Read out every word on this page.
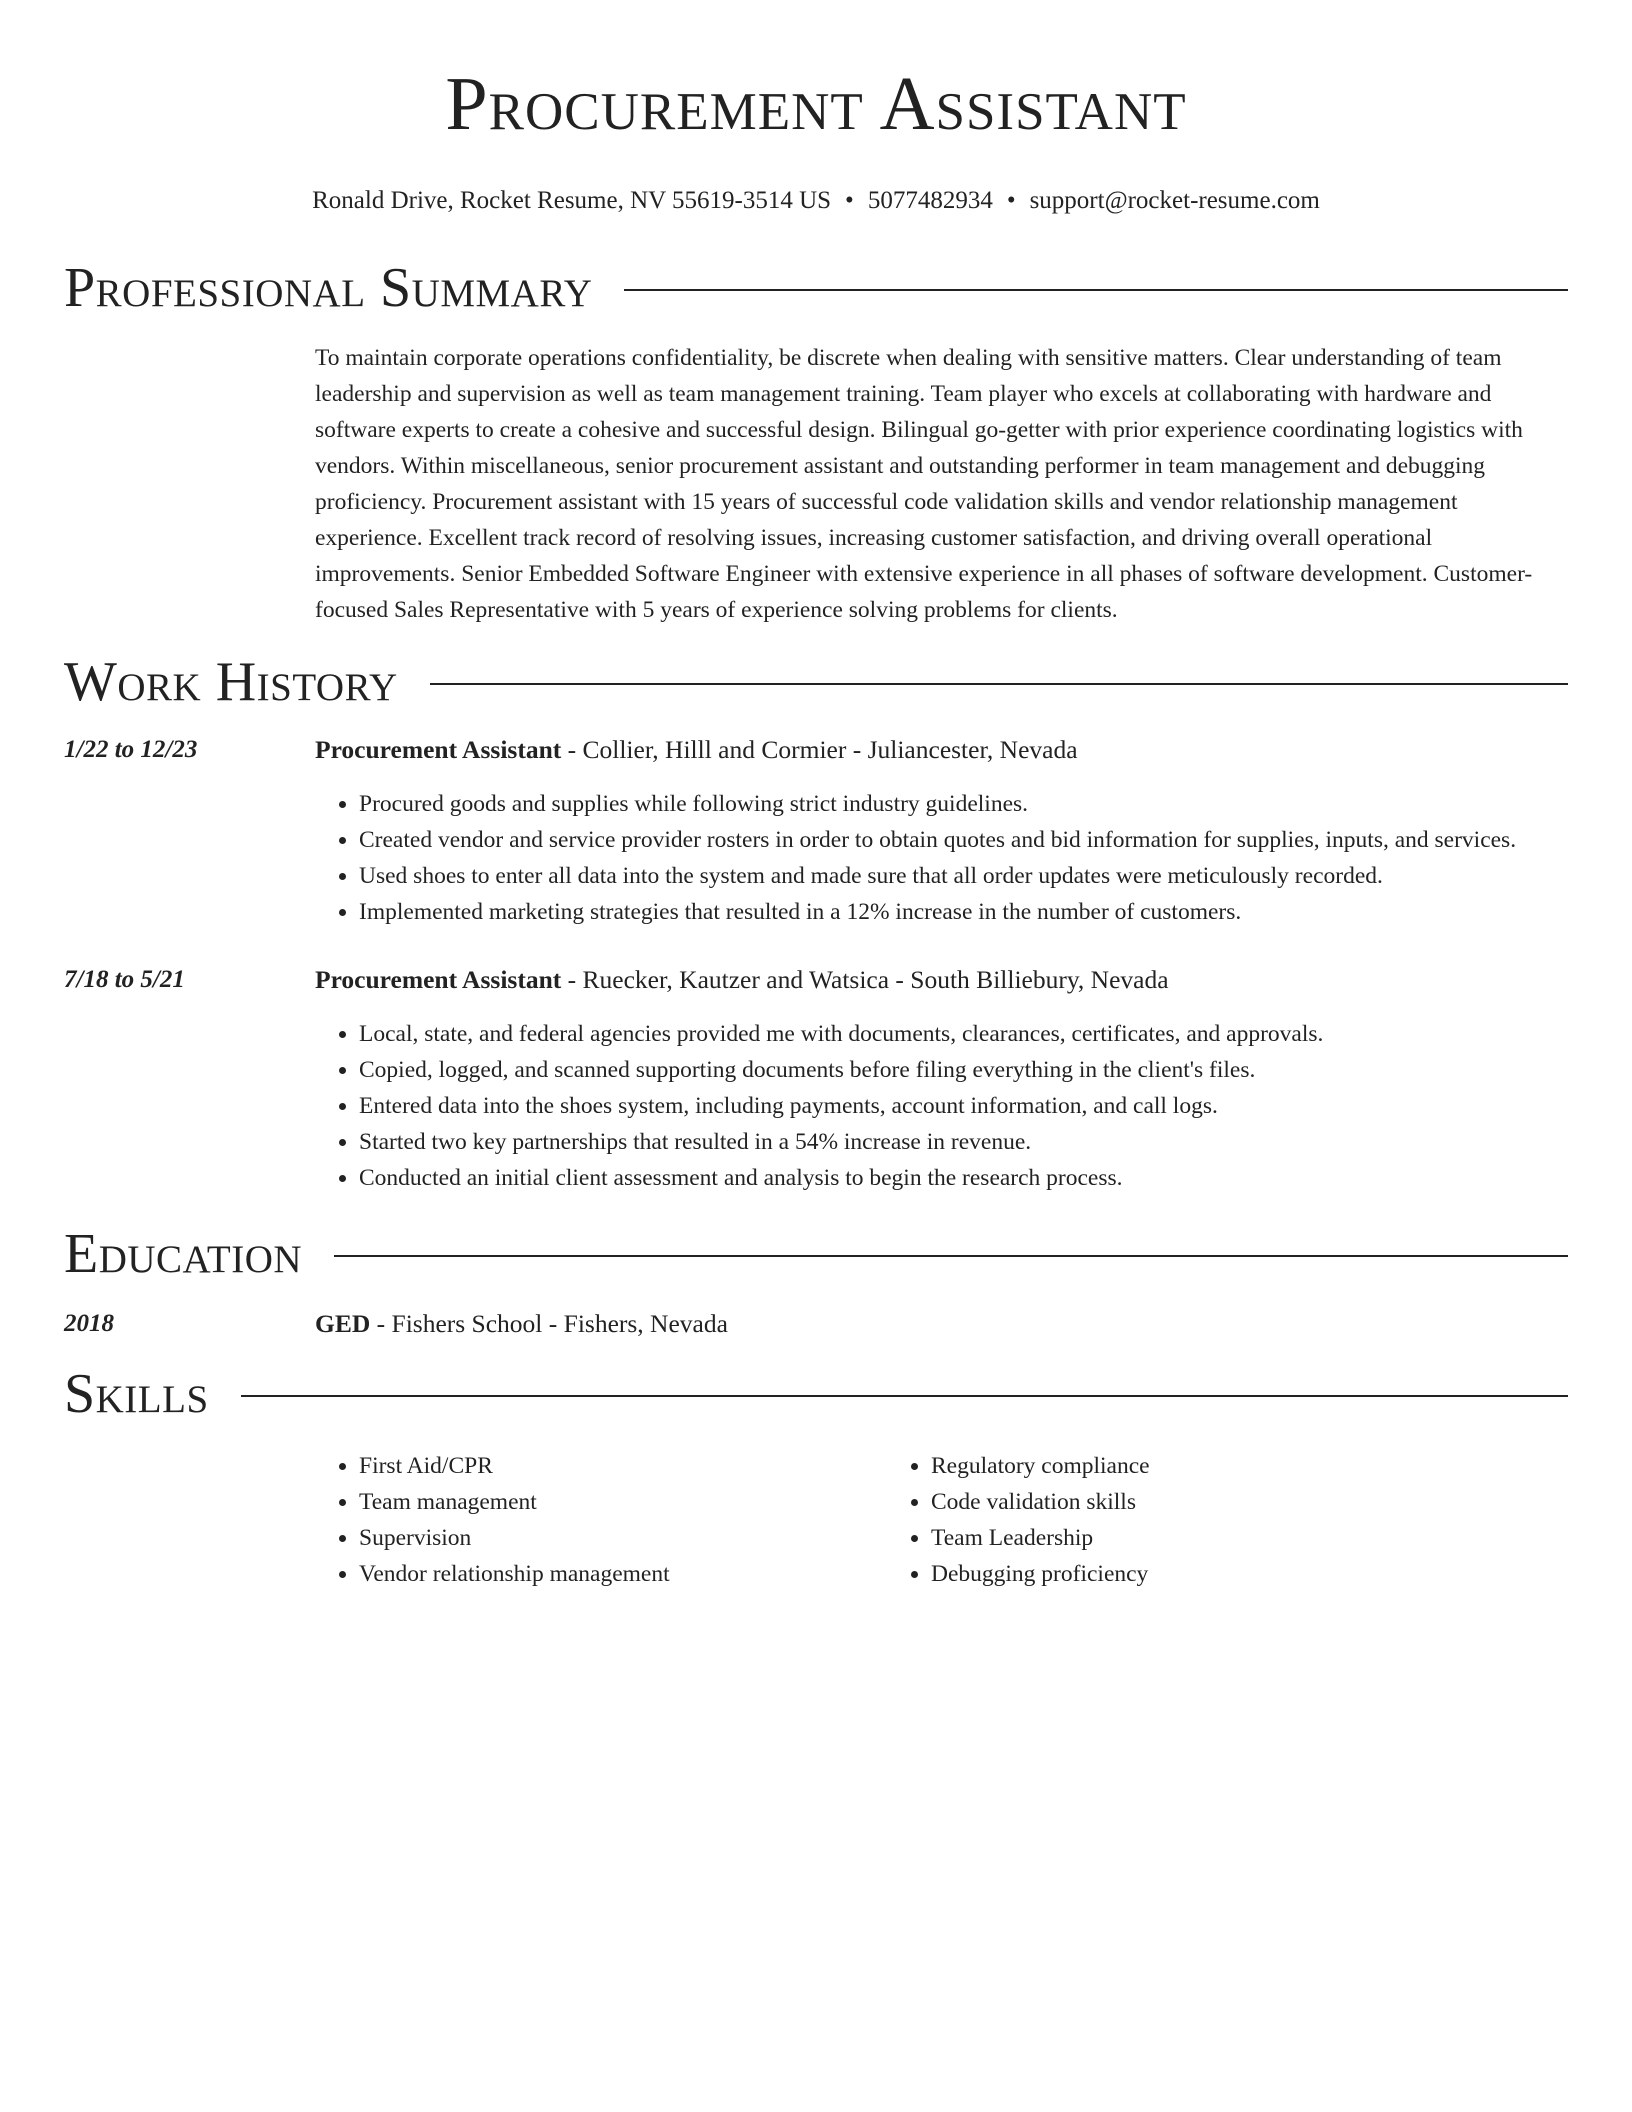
Procurement Assistant
Ronald Drive, Rocket Resume, NV 55619-3514 US • 5077482934 • support@rocket-resume.com
Professional Summary
To maintain corporate operations confidentiality, be discrete when dealing with sensitive matters. Clear understanding of team leadership and supervision as well as team management training. Team player who excels at collaborating with hardware and software experts to create a cohesive and successful design. Bilingual go-getter with prior experience coordinating logistics with vendors. Within miscellaneous, senior procurement assistant and outstanding performer in team management and debugging proficiency. Procurement assistant with 15 years of successful code validation skills and vendor relationship management experience. Excellent track record of resolving issues, increasing customer satisfaction, and driving overall operational improvements. Senior Embedded Software Engineer with extensive experience in all phases of software development. Customer-focused Sales Representative with 5 years of experience solving problems for clients.
Work History
1/22 to 12/23	Procurement Assistant - Collier, Hilll and Cormier - Juliancester, Nevada
• Procured goods and supplies while following strict industry guidelines.
• Created vendor and service provider rosters in order to obtain quotes and bid information for supplies, inputs, and services.
• Used shoes to enter all data into the system and made sure that all order updates were meticulously recorded.
• Implemented marketing strategies that resulted in a 12% increase in the number of customers.
7/18 to 5/21	Procurement Assistant - Ruecker, Kautzer and Watsica - South Billiebury, Nevada
• Local, state, and federal agencies provided me with documents, clearances, certificates, and approvals.
• Copied, logged, and scanned supporting documents before filing everything in the client's files.
• Entered data into the shoes system, including payments, account information, and call logs.
• Started two key partnerships that resulted in a 54% increase in revenue.
• Conducted an initial client assessment and analysis to begin the research process.
Education
2018	GED - Fishers School - Fishers, Nevada
Skills
• First Aid/CPR
• Team management
• Supervision
• Vendor relationship management
• Regulatory compliance
• Code validation skills
• Team Leadership
• Debugging proficiency
